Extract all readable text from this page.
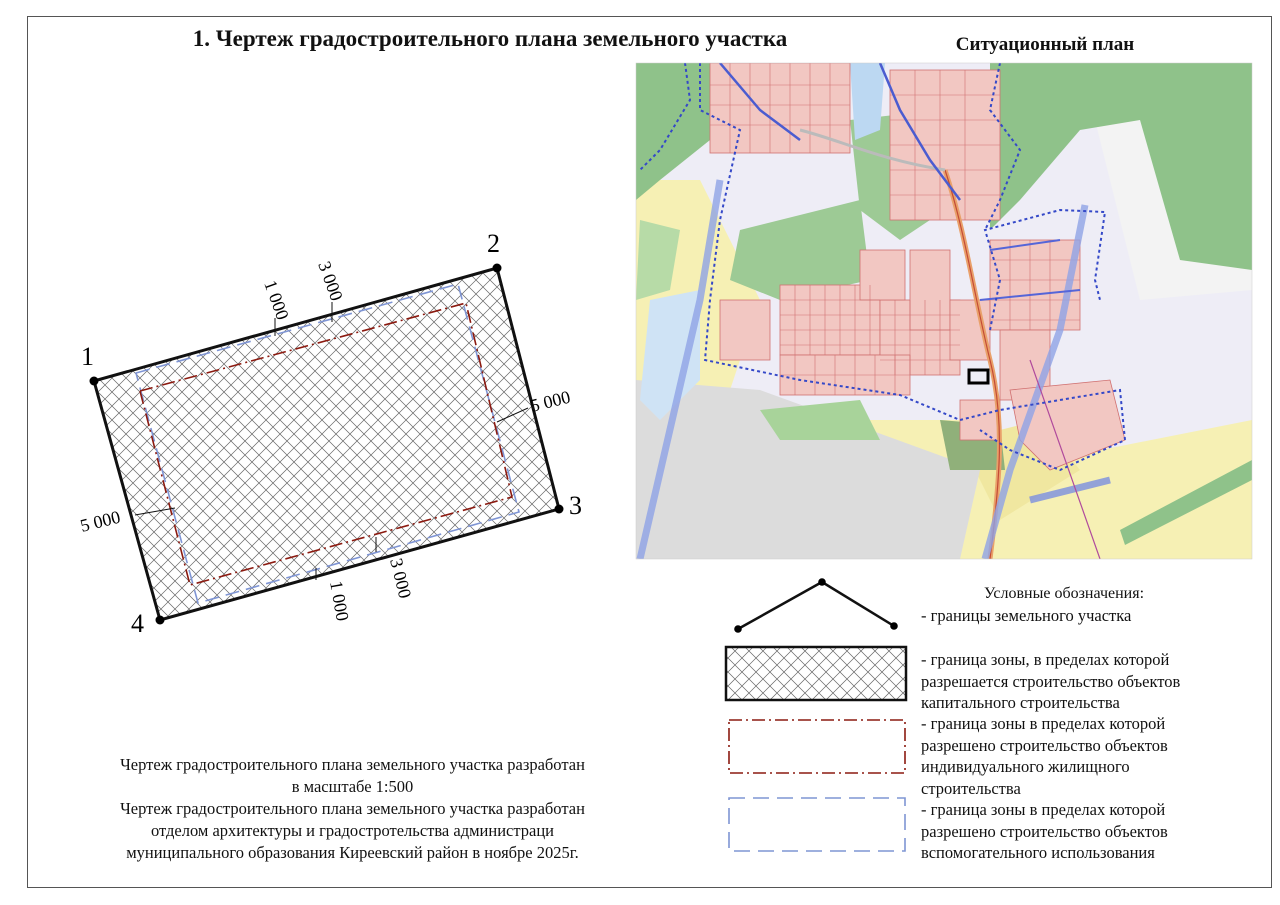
1. Чертеж градостроительного плана земельного участка	Ситуационный план
1
2
3
4
1 000 3 000
5 000
5 000
1 000
3 000
Чертеж градостроительного плана земельного участка разработан
в масштабе 1:500
Чертеж градостроительного плана земельного участка разработан
отделом архитектуры и градостротельства администраци
муниципального образования Киреевский район в ноябре 2025г.
Условные обозначения:
- границы земельного участка
- граница зоны, в пределах которой
разрешается строительство объектов
капитального строительства
- граница зоны в пределах которой
разрешено строительство объектов
индивидуального жилищного
строительства
- граница зоны в пределах которой
разрешено строительство объектов
вспомогательного использования
